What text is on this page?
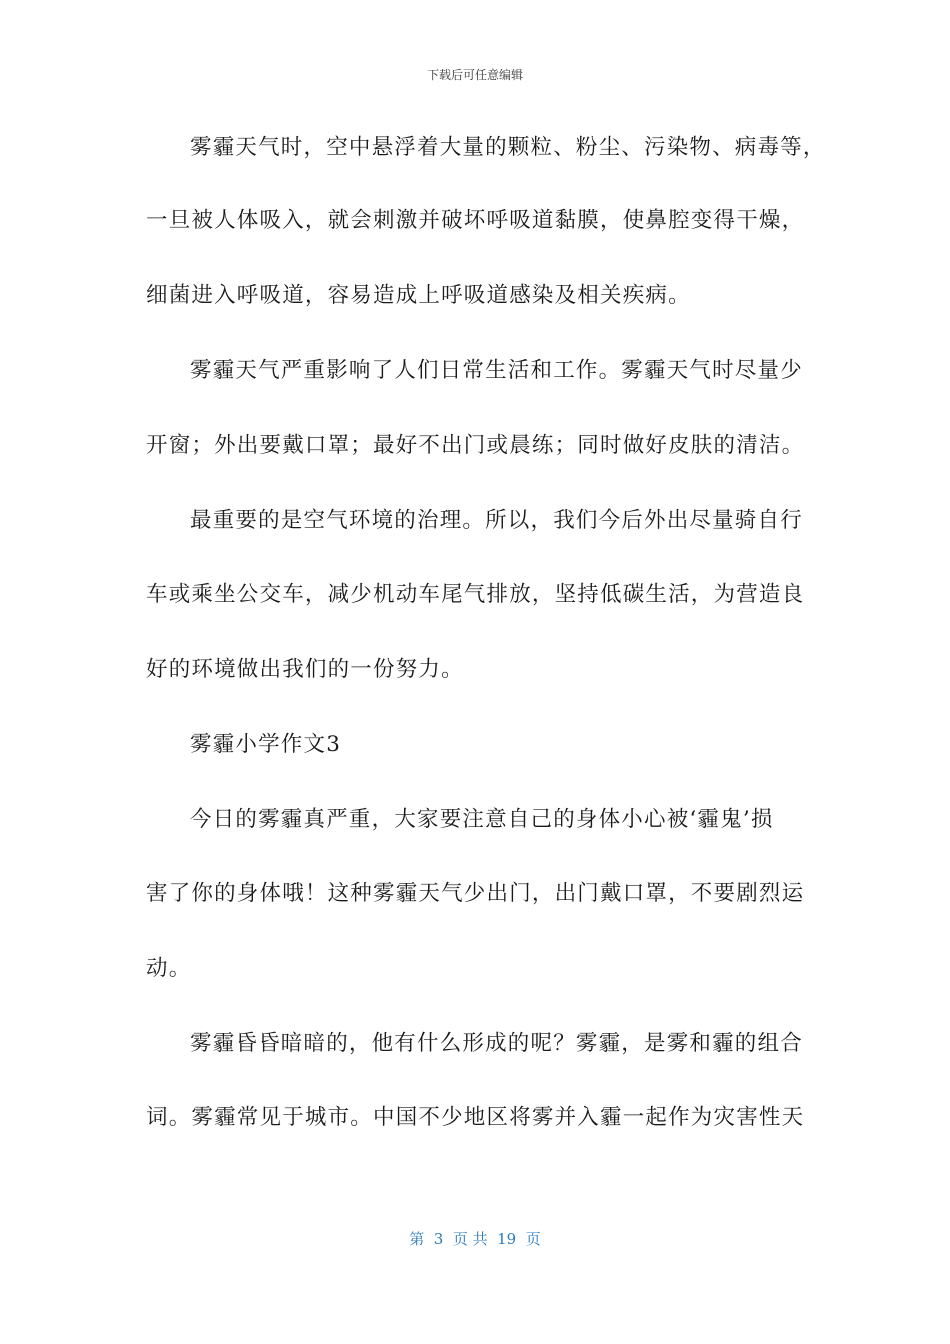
下载后可任意编辑
雾霾天气时，空中悬浮着大量的颗粒、粉尘、污染物、病毒等，
一旦被人体吸入，就会刺激并破坏呼吸道黏膜，使鼻腔变得干燥，
细菌进入呼吸道，容易造成上呼吸道感染及相关疾病。
雾霾天气严重影响了人们日常生活和工作。雾霾天气时尽量少
开窗；外出要戴口罩；最好不出门或晨练；同时做好皮肤的清洁。
最重要的是空气环境的治理。所以，我们今后外出尽量骑自行
车或乘坐公交车，减少机动车尾气排放，坚持低碳生活，为营造良
好的环境做出我们的一份努力。
雾霾小学作文3
今日的雾霾真严重，大家要注意自己的身体小心被‘霾鬼’损
害了你的身体哦！这种雾霾天气少出门，出门戴口罩，不要剧烈运
动。
雾霾昏昏暗暗的，他有什么形成的呢？雾霾，是雾和霾的组合
词。雾霾常见于城市。中国不少地区将雾并入霾一起作为灾害性天
第  3  页 共  19  页
